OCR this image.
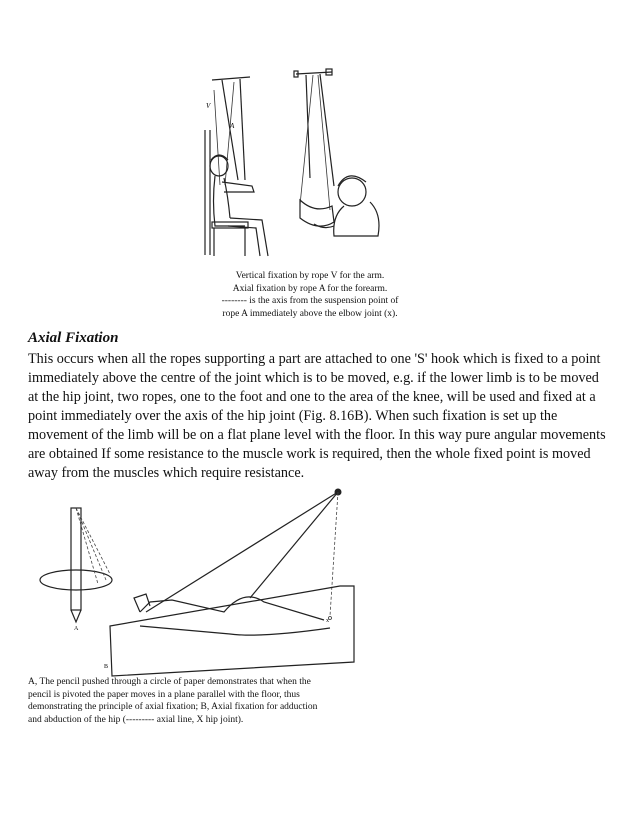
V
A
Vertical fixation by rope V for the arm.
Axial fixation by rope A for the forearm.
-------- is the axis from the suspension point of
rope A immediately above the elbow joint (x).
Axial Fixation
This occurs when all the ropes supporting a part are attached to one 'S' hook which is fixed to a point immediately above the centre of the joint which is to be moved, e.g. if the lower limb is to be moved at the hip joint, two ropes, one to the foot and one to the area of the knee, will be used and fixed at a point immediately over the axis of the hip joint (Fig. 8.16B). When such fixation is set up the movement of the limb will be on a flat plane level with the floor. In this way pure angular movements are obtained If some resistance to the muscle work is required, then the whole fixed point is moved away from the muscles which require resistance.
A
B
x
A, The pencil pushed through a circle of paper demonstrates that when the pencil is pivoted the paper moves in a plane parallel with the floor, thus demonstrating the principle of axial fixation; B, Axial fixation for adduction and abduction of the hip (--------- axial line, X hip joint).
